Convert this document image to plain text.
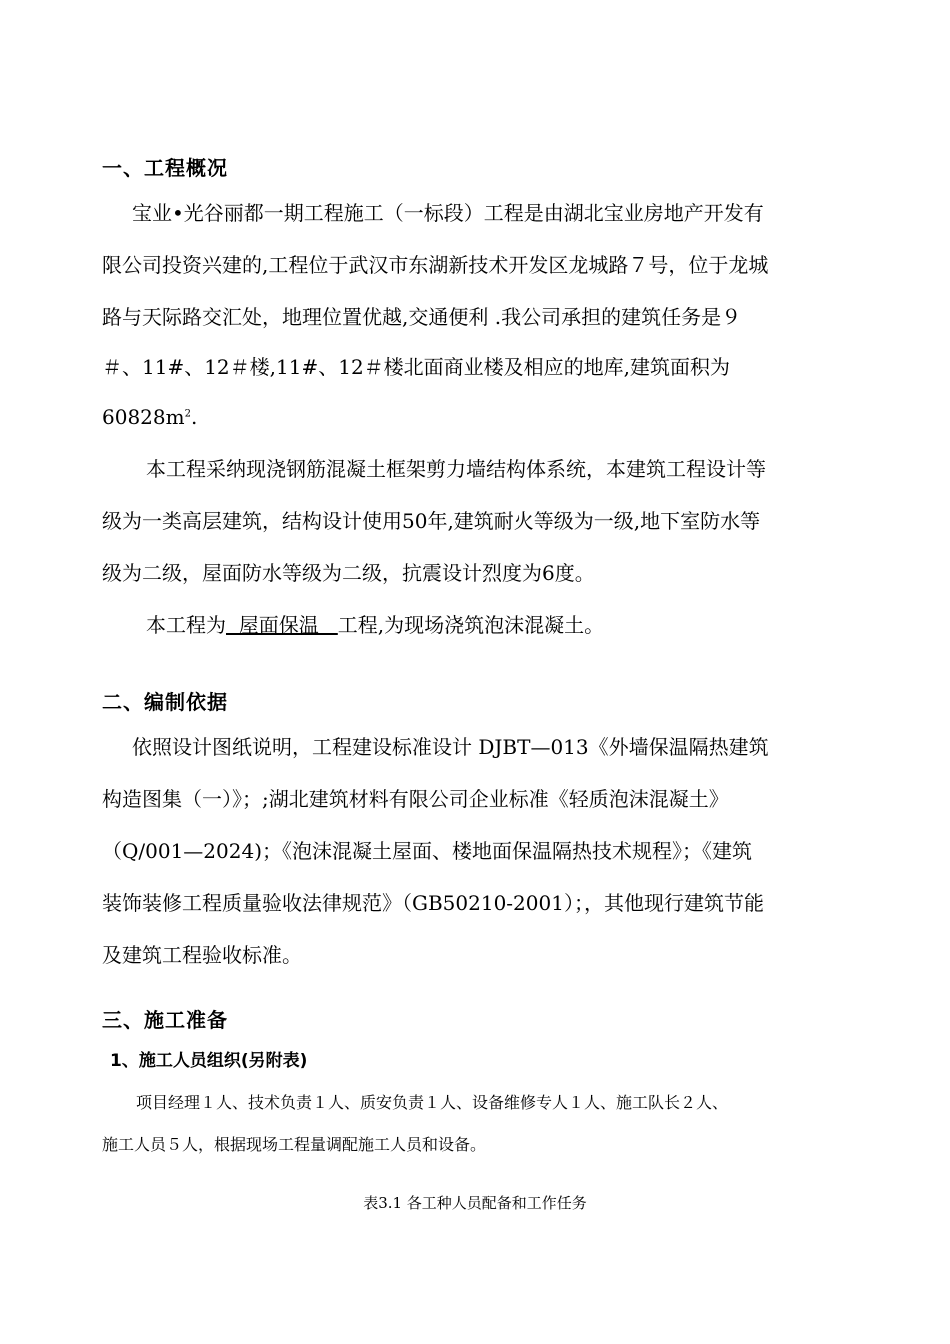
一、工程概况
宝业•光谷丽都一期工程施工（一标段）工程是由湖北宝业房地产开发有
限公司投资兴建的,工程位于武汉市东湖新技术开发区龙城路７号，位于龙城
路与天际路交汇处，地理位置优越,交通便利 .我公司承担的建筑任务是９
＃、11#、12＃楼,11#、12＃楼北面商业楼及相应的地库,建筑面积为
$60828m^2$.
本工程采纳现浇钢筋混凝土框架剪力墙结构体系统，本建筑工程设计等
级为一类高层建筑，结构设计使用50年,建筑耐火等级为一级,地下室防水等
级为二级，屋面防水等级为二级，抗震设计烈度为6度。
本工程为  屋面保温   工程,为现场浇筑泡沫混凝土。
二、编制依据
依照设计图纸说明，工程建设标准设计 DJBT—013《外墙保温隔热建筑
构造图集（一）》；;湖北建筑材料有限公司企业标准《轻质泡沫混凝土》
（Q/001—2024)；《泡沫混凝土屋面、楼地面保温隔热技术规程》；《建筑
装饰装修工程质量验收法律规范》（GB50210-2001）；，其他现行建筑节能
及建筑工程验收标准。
三、施工准备
1、施工人员组织(另附表)
项目经理１人、技术负责１人、质安负责１人、设备维修专人１人、施工队长２人、
施工人员５人，根据现场工程量调配施工人员和设备。
表3.1 各工种人员配备和工作任务
